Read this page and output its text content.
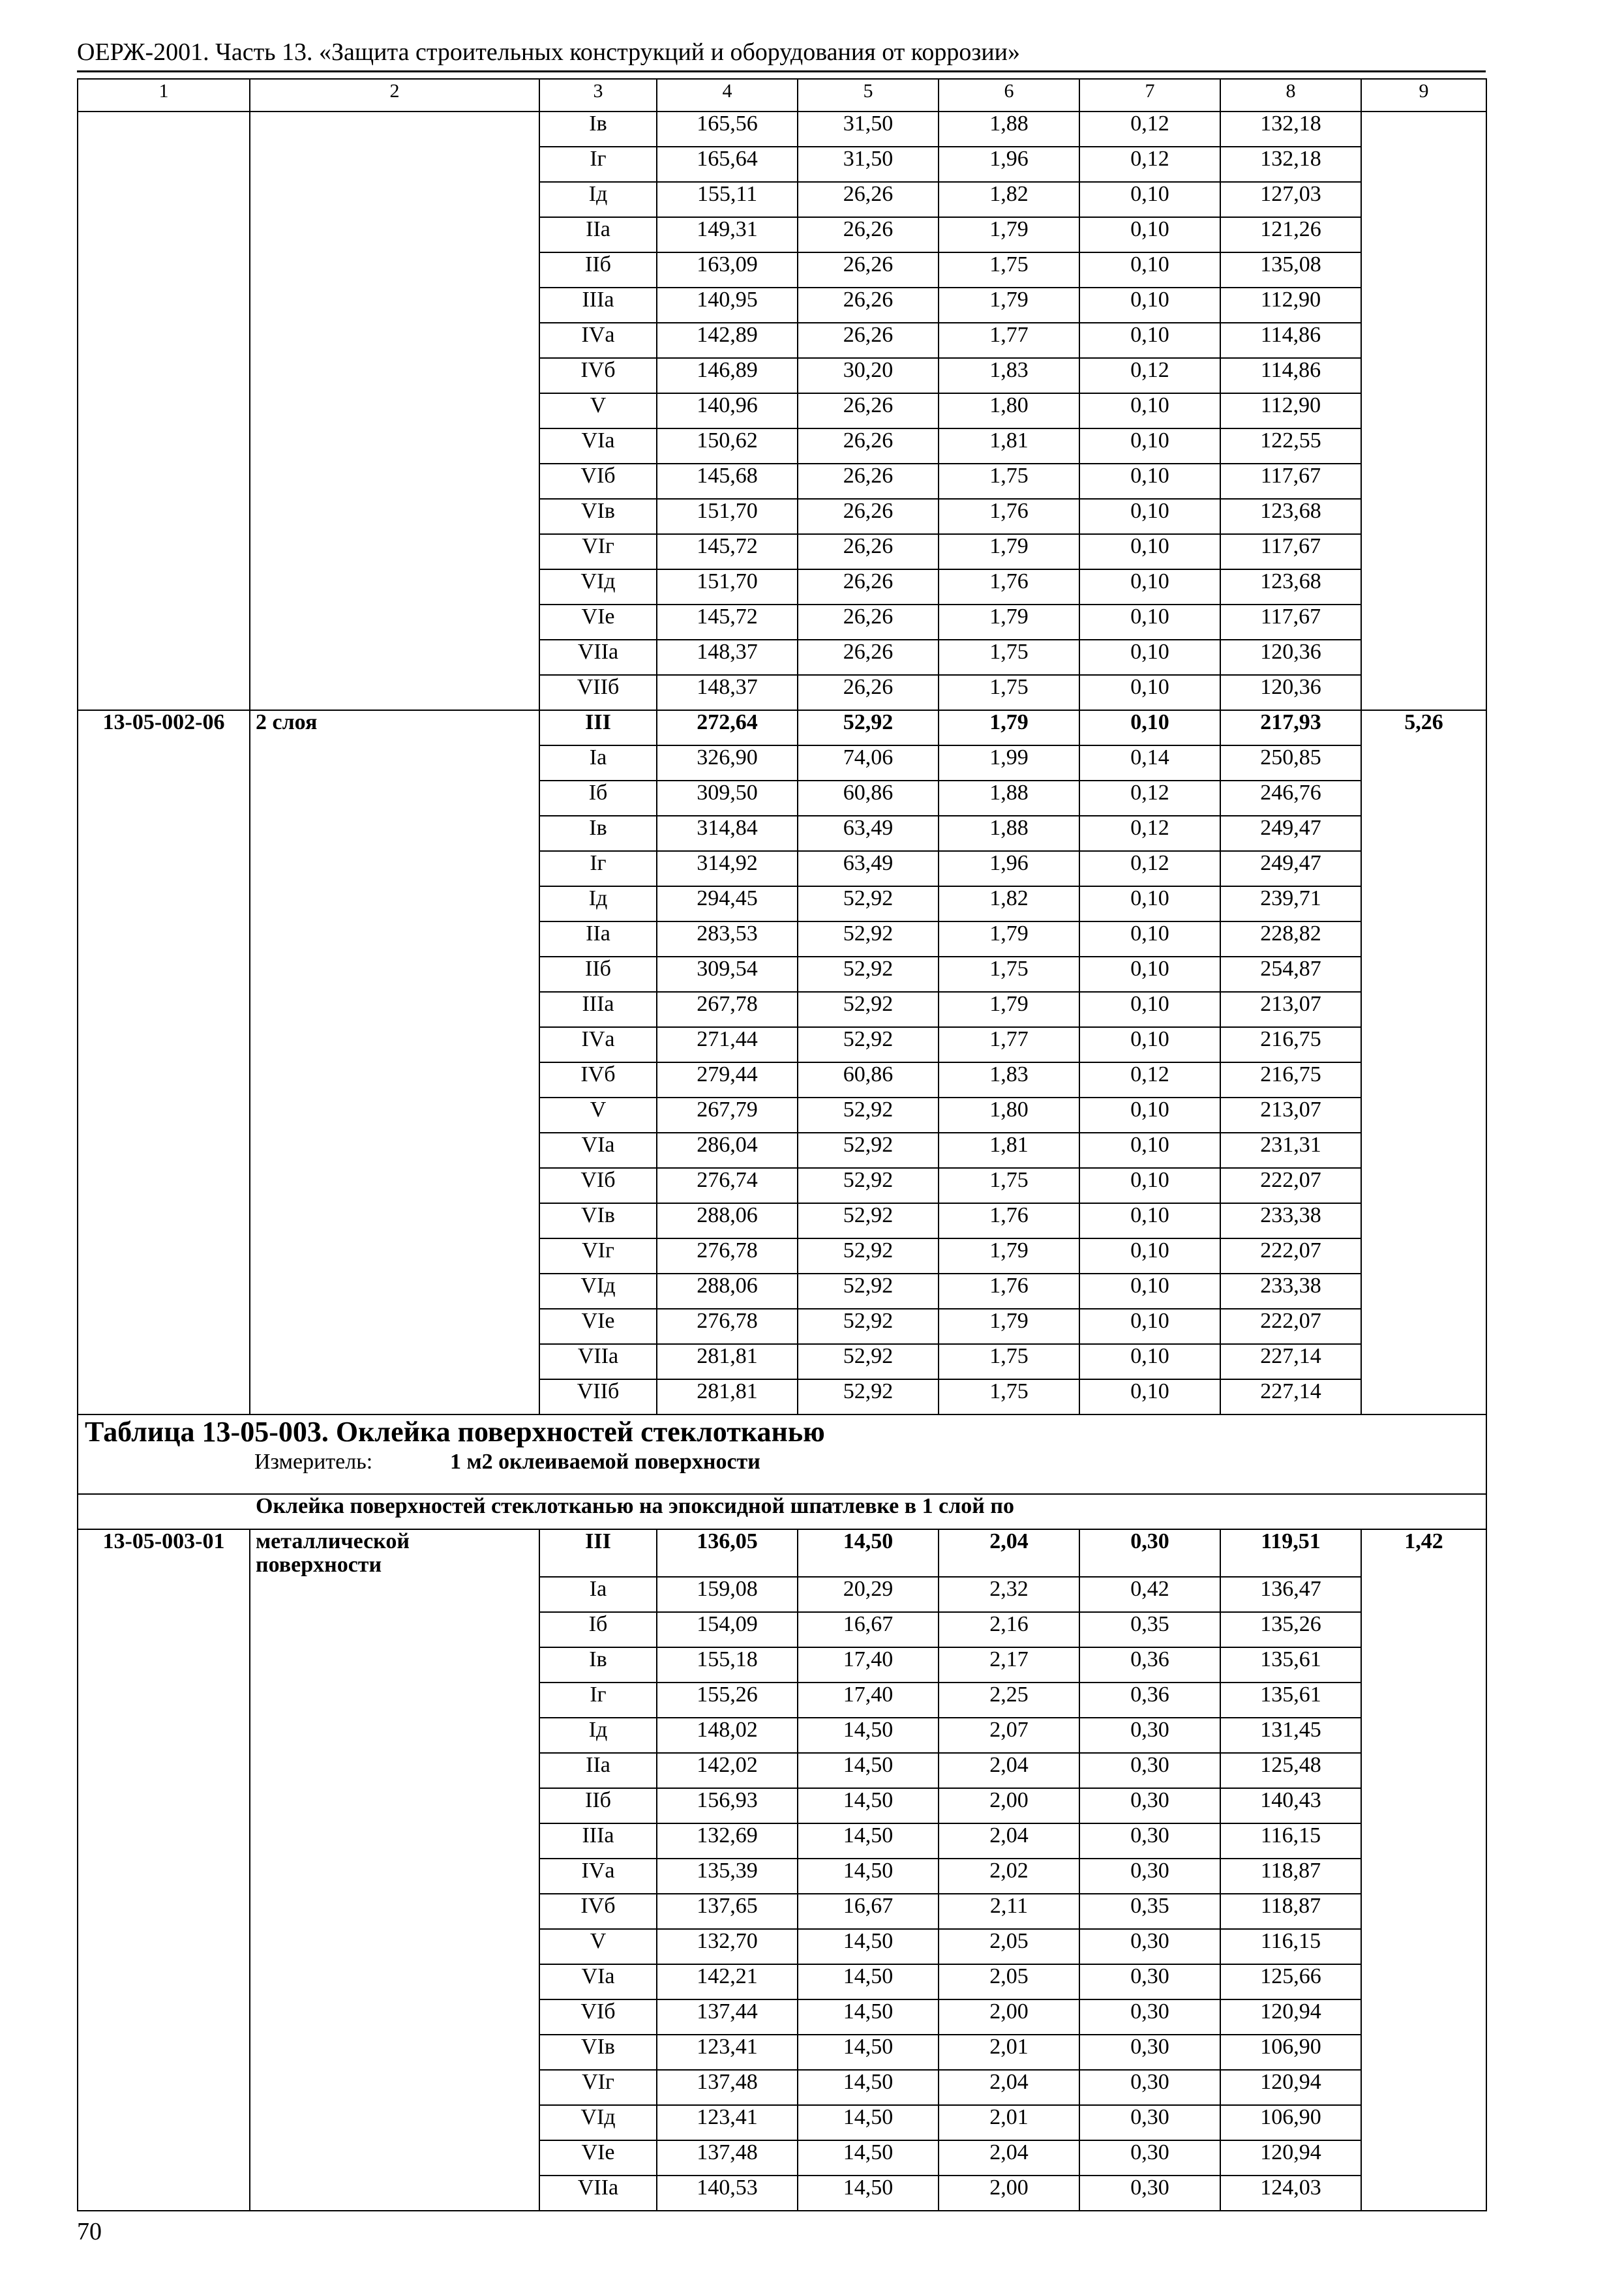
ОЕРЖ-2001. Часть 13. «Защита строительных конструкций и оборудования от коррозии»
1	2	3	4	5	6	7	8	9
		Iв	165,56	31,50	1,88	0,12	132,18	
		Iг	165,64	31,50	1,96	0,12	132,18	
		Iд	155,11	26,26	1,82	0,10	127,03	
		IIа	149,31	26,26	1,79	0,10	121,26	
		IIб	163,09	26,26	1,75	0,10	135,08	
		IIIа	140,95	26,26	1,79	0,10	112,90	
		IVа	142,89	26,26	1,77	0,10	114,86	
		IVб	146,89	30,20	1,83	0,12	114,86	
		V	140,96	26,26	1,80	0,10	112,90	
		VIа	150,62	26,26	1,81	0,10	122,55	
		VIб	145,68	26,26	1,75	0,10	117,67	
		VIв	151,70	26,26	1,76	0,10	123,68	
		VIг	145,72	26,26	1,79	0,10	117,67	
		VIд	151,70	26,26	1,76	0,10	123,68	
		VIе	145,72	26,26	1,79	0,10	117,67	
		VIIа	148,37	26,26	1,75	0,10	120,36	
		VIIб	148,37	26,26	1,75	0,10	120,36	
13-05-002-06	2 слоя	III	272,64	52,92	1,79	0,10	217,93	5,26
		Iа	326,90	74,06	1,99	0,14	250,85	
		Iб	309,50	60,86	1,88	0,12	246,76	
		Iв	314,84	63,49	1,88	0,12	249,47	
		Iг	314,92	63,49	1,96	0,12	249,47	
		Iд	294,45	52,92	1,82	0,10	239,71	
		IIа	283,53	52,92	1,79	0,10	228,82	
		IIб	309,54	52,92	1,75	0,10	254,87	
		IIIа	267,78	52,92	1,79	0,10	213,07	
		IVа	271,44	52,92	1,77	0,10	216,75	
		IVб	279,44	60,86	1,83	0,12	216,75	
		V	267,79	52,92	1,80	0,10	213,07	
		VIа	286,04	52,92	1,81	0,10	231,31	
		VIб	276,74	52,92	1,75	0,10	222,07	
		VIв	288,06	52,92	1,76	0,10	233,38	
		VIг	276,78	52,92	1,79	0,10	222,07	
		VIд	288,06	52,92	1,76	0,10	233,38	
		VIе	276,78	52,92	1,79	0,10	222,07	
		VIIа	281,81	52,92	1,75	0,10	227,14	
		VIIб	281,81	52,92	1,75	0,10	227,14	

Таблица 13-05-003. Оклейка поверхностей стеклотканью
Измеритель: 1 м2 оклеиваемой поверхности								

Оклейка поверхностей стеклотканью на эпоксидной шпатлевке в 1 слой по								
13-05-003-01	металлической поверхности	III	136,05	14,50	2,04	0,30	119,51	1,42
		Iа	159,08	20,29	2,32	0,42	136,47	
		Iб	154,09	16,67	2,16	0,35	135,26	
		Iв	155,18	17,40	2,17	0,36	135,61	
		Iг	155,26	17,40	2,25	0,36	135,61	
		Iд	148,02	14,50	2,07	0,30	131,45	
		IIа	142,02	14,50	2,04	0,30	125,48	
		IIб	156,93	14,50	2,00	0,30	140,43	
		IIIа	132,69	14,50	2,04	0,30	116,15	
		IVа	135,39	14,50	2,02	0,30	118,87	
		IVб	137,65	16,67	2,11	0,35	118,87	
		V	132,70	14,50	2,05	0,30	116,15	
		VIа	142,21	14,50	2,05	0,30	125,66	
		VIб	137,44	14,50	2,00	0,30	120,94	
		VIв	123,41	14,50	2,01	0,30	106,90	
		VIг	137,48	14,50	2,04	0,30	120,94	
		VIд	123,41	14,50	2,01	0,30	106,90	
		VIе	137,48	14,50	2,04	0,30	120,94	
		VIIа	140,53	14,50	2,00	0,30	124,03	
70
